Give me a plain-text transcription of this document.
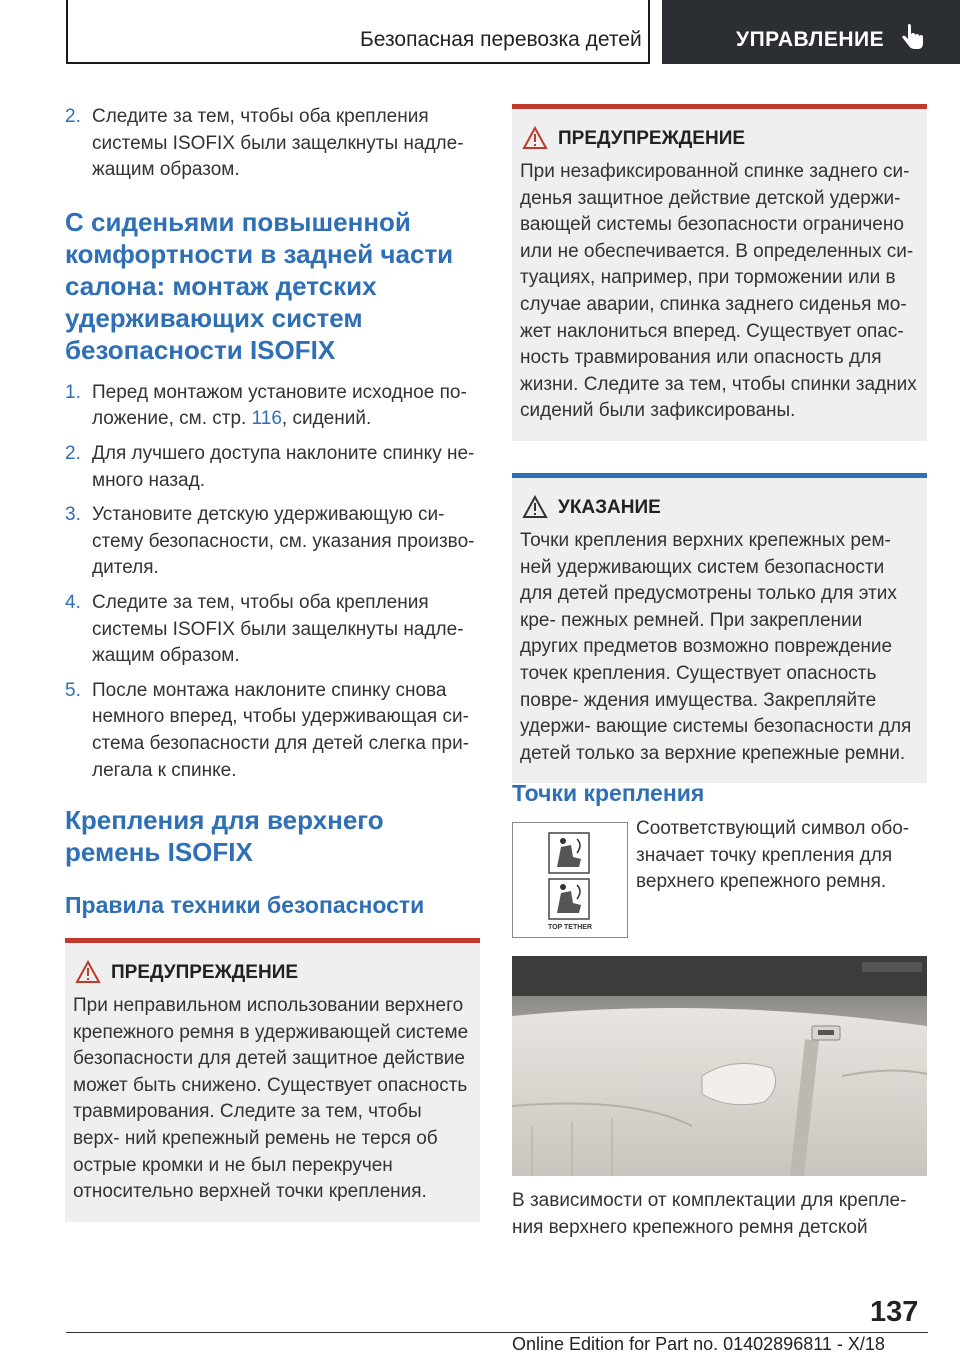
Безопасная перевозка детей	УПРАВЛЕНИЕ
2. Следите за тем, чтобы оба крепления системы ISOFIX были защелкнуты надле- жащим образом.
С сиденьями повышенной комфортности в задней части салона: монтаж детских удерживающих систем безопасности ISOFIX
1. Перед монтажом установите исходное по- ложение, см. стр. 116, сидений.
2. Для лучшего доступа наклоните спинку не- много назад.
3. Установите детскую удерживающую си- стему безопасности, см. указания произво- дителя.
4. Следите за тем, чтобы оба крепления системы ISOFIX были защелкнуты надле- жащим образом.
5. После монтажа наклоните спинку снова немного вперед, чтобы удерживающая си- стема безопасности для детей слегка при- легала к спинке.
Крепления для верхнего ремень ISOFIX
Правила техники безопасности
ПРЕДУПРЕЖДЕНИЕ
При неправильном использовании верхнего крепежного ремня в удерживающей системе безопасности для детей защитное действие может быть снижено. Существует опасность травмирования. Следите за тем, чтобы верх- ний крепежный ремень не терся об острые кромки и не был перекручен относительно верхней точки крепления.
ПРЕДУПРЕЖДЕНИЕ
При незафиксированной спинке заднего си- денья защитное действие детской удержи- вающей системы безопасности ограничено или не обеспечивается. В определенных си- туациях, например, при торможении или в случае аварии, спинка заднего сиденья мо- жет наклониться вперед. Существует опас- ность травмирования или опасность для жизни. Следите за тем, чтобы спинки задних сидений были зафиксированы.
УКАЗАНИЕ
Точки крепления верхних крепежных рем- ней удерживающих систем безопасности для детей предусмотрены только для этих кре- пежных ремней. При закреплении других предметов возможно повреждение точек крепления. Существует опасность повре- ждения имущества. Закрепляйте удержи- вающие системы безопасности для детей только за верхние крепежные ремни.
Точки крепления
TOP TETHER
Соответствующий символ обо- значает точку крепления для верхнего крепежного ремня.
В зависимости от комплектации для крепле- ния верхнего крепежного ремня детской
137
Online Edition for Part no. 01402896811 - X/18
